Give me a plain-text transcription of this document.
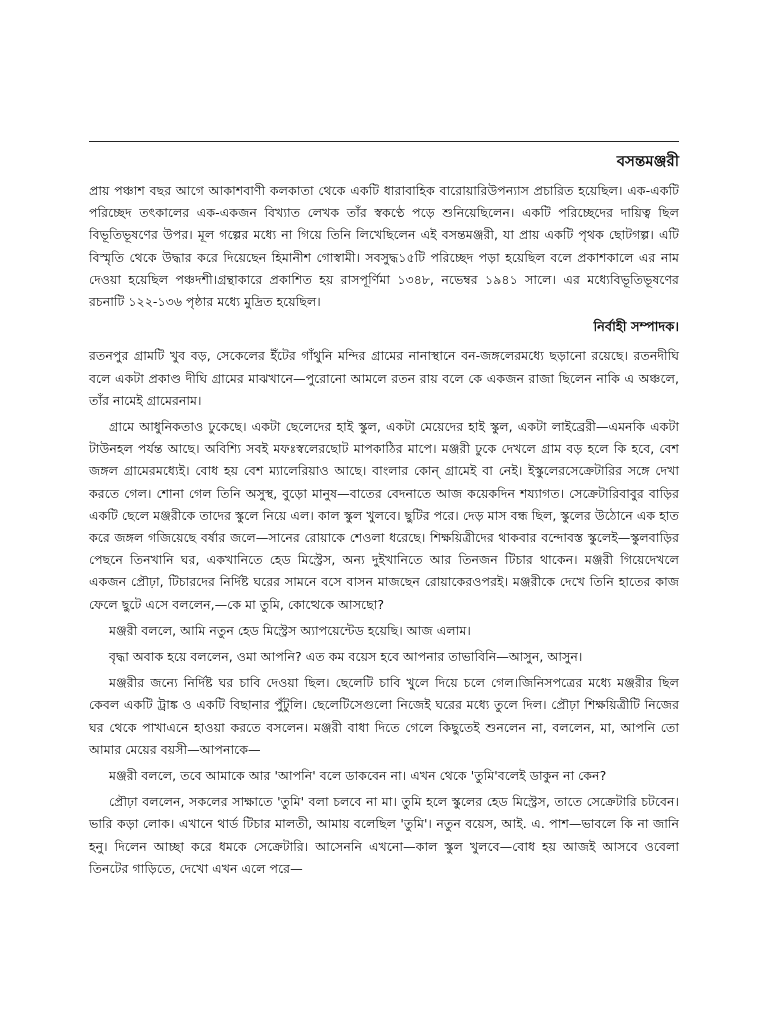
বসন্তমঞ্জরী

প্রায় পঞ্চাশ বছর আগে আকাশবাণী কলকাতা থেকে একটি ধারাবাহিক বারোয়ারিউপন্যাস প্রচারিত হয়েছিল। এক-একটি পরিচ্ছেদ তৎকালের এক-একজন বিখ্যাত লেখক তাঁর স্বকণ্ঠে পড়ে শুনিয়েছিলেন। একটি পরিচ্ছেদের দায়িত্ব ছিল বিভূতিভূষণের উপর। মূল গল্পের মধ্যে না গিয়ে তিনি লিখেছিলেন এই বসন্তমঞ্জরী, যা প্রায় একটি পৃথক ছোটগল্প। এটি বিস্মৃতি থেকে উদ্ধার করে দিয়েছেন হিমানীশ গোস্বামী। সবসুদ্ধ১৫টি পরিচ্ছেদ পড়া হয়েছিল বলে প্রকাশকালে এর নাম দেওয়া হয়েছিল পঞ্চদশী।গ্রন্থাকারে প্রকাশিত হয় রাসপূর্ণিমা ১৩৪৮, নভেম্বর ১৯৪১ সালে। এর মধ্যেবিভূতিভূষণের রচনাটি ১২২-১৩৬ পৃষ্ঠার মধ্যে মুদ্রিত হয়েছিল।

নির্বাহী সম্পাদক।

রতনপুর গ্রামটি খুব বড়, সেকেলের ইঁটের গাঁথুনি মন্দির গ্রামের নানাস্থানে বন-জঙ্গলেরমধ্যে ছড়ানো রয়েছে। রতনদীঘি বলে একটা প্রকাণ্ড দীঘি গ্রামের মাঝখানে—পুরোনো আমলে রতন রায় বলে কে একজন রাজা ছিলেন নাকি এ অঞ্চলে, তাঁর নামেই গ্রামেরনাম।

গ্রামে আধুনিকতাও ঢুকেছে। একটা ছেলেদের হাই স্কুল, একটা মেয়েদের হাই স্কুল, একটা লাইব্রেরী—এমনকি একটা টাউনহল পর্যন্ত আছে। অবিশ্যি সবই মফঃস্বলেরছোট মাপকাঠির মাপে। মঞ্জরী ঢুকে দেখলে গ্রাম বড় হলে কি হবে, বেশ জঙ্গল গ্রামেরমধ্যেই। বোধ হয় বেশ ম্যালেরিয়াও আছে। বাংলার কোন্ গ্রামেই বা নেই। ইস্কুলেরসেক্রেটারির সঙ্গে দেখা করতে গেল। শোনা গেল তিনি অসুস্থ, বুড়ো মানুষ—বাতের বেদনাতে আজ কয়েকদিন শয্যাগত। সেক্রেটারিবাবুর বাড়ির একটি ছেলে মঞ্জরীকে তাদের স্কুলে নিয়ে এল। কাল স্কুল খুলবে। ছুটির পরে। দেড় মাস বন্ধ ছিল, স্কুলের উঠোনে এক হাত করে জঙ্গল গজিয়েছে বর্ষার জলে—সানের রোয়াকে শেওলা ধরেছে। শিক্ষয়িত্রীদের থাকবার বন্দোবস্ত স্কুলেই—স্কুলবাড়ির পেছনে তিনখানি ঘর, একখানিতে হেড মিস্ট্রেস, অন্য দুইখানিতে আর তিনজন টিচার থাকেন। মঞ্জরী গিয়েদেখলে একজন প্রৌঢ়া, টিচারদের নির্দিষ্ট ঘরের সামনে বসে বাসন মাজছেন রোয়াকেরওপরই। মঞ্জরীকে দেখে তিনি হাতের কাজ ফেলে ছুটে এসে বললেন,—কে মা তুমি, কোত্থেকে আসছো?

মঞ্জরী বললে, আমি নতুন হেড মিস্ট্রেস অ্যাপয়েন্টেড হয়েছি। আজ এলাম।

বৃদ্ধা অবাক হয়ে বললেন, ওমা আপনি? এত কম বয়েস হবে আপনার তাভাবিনি—আসুন, আসুন।

মঞ্জরীর জন্যে নির্দিষ্ট ঘর চাবি দেওয়া ছিল। ছেলেটি চাবি খুলে দিয়ে চলে গেল।জিনিসপত্রের মধ্যে মঞ্জরীর ছিল কেবল একটি ট্রাঙ্ক ও একটি বিছানার পুঁটুলি। ছেলেটিসেগুলো নিজেই ঘরের মধ্যে তুলে দিল। প্রৌঢ়া শিক্ষয়িত্রীটি নিজের ঘর থেকে পাখাএনে হাওয়া করতে বসলেন। মঞ্জরী বাধা দিতে গেলে কিছুতেই শুনলেন না, বললেন, মা, আপনি তো আমার মেয়ের বয়সী—আপনাকে—

মঞ্জরী বললে, তবে আমাকে আর 'আপনি' বলে ডাকবেন না। এখন থেকে 'তুমি'বলেই ডাকুন না কেন?

প্রৌঢ়া বললেন, সকলের সাক্ষাতে 'তুমি' বলা চলবে না মা। তুমি হলে স্কুলের হেড মিস্ট্রেস, তাতে সেক্রেটারি চটবেন। ভারি কড়া লোক। এখানে থার্ড টিচার মালতী, আমায় বলেছিল 'তুমি'। নতুন বয়েস, আই. এ. পাশ—ভাবলে কি না জানি হনু। দিলেন আচ্ছা করে ধমকে সেক্রেটারি। আসেননি এখনো—কাল স্কুল খুলবে—বোধ হয় আজই আসবে ওবেলা তিনটের গাড়িতে, দেখো এখন এলে পরে—
